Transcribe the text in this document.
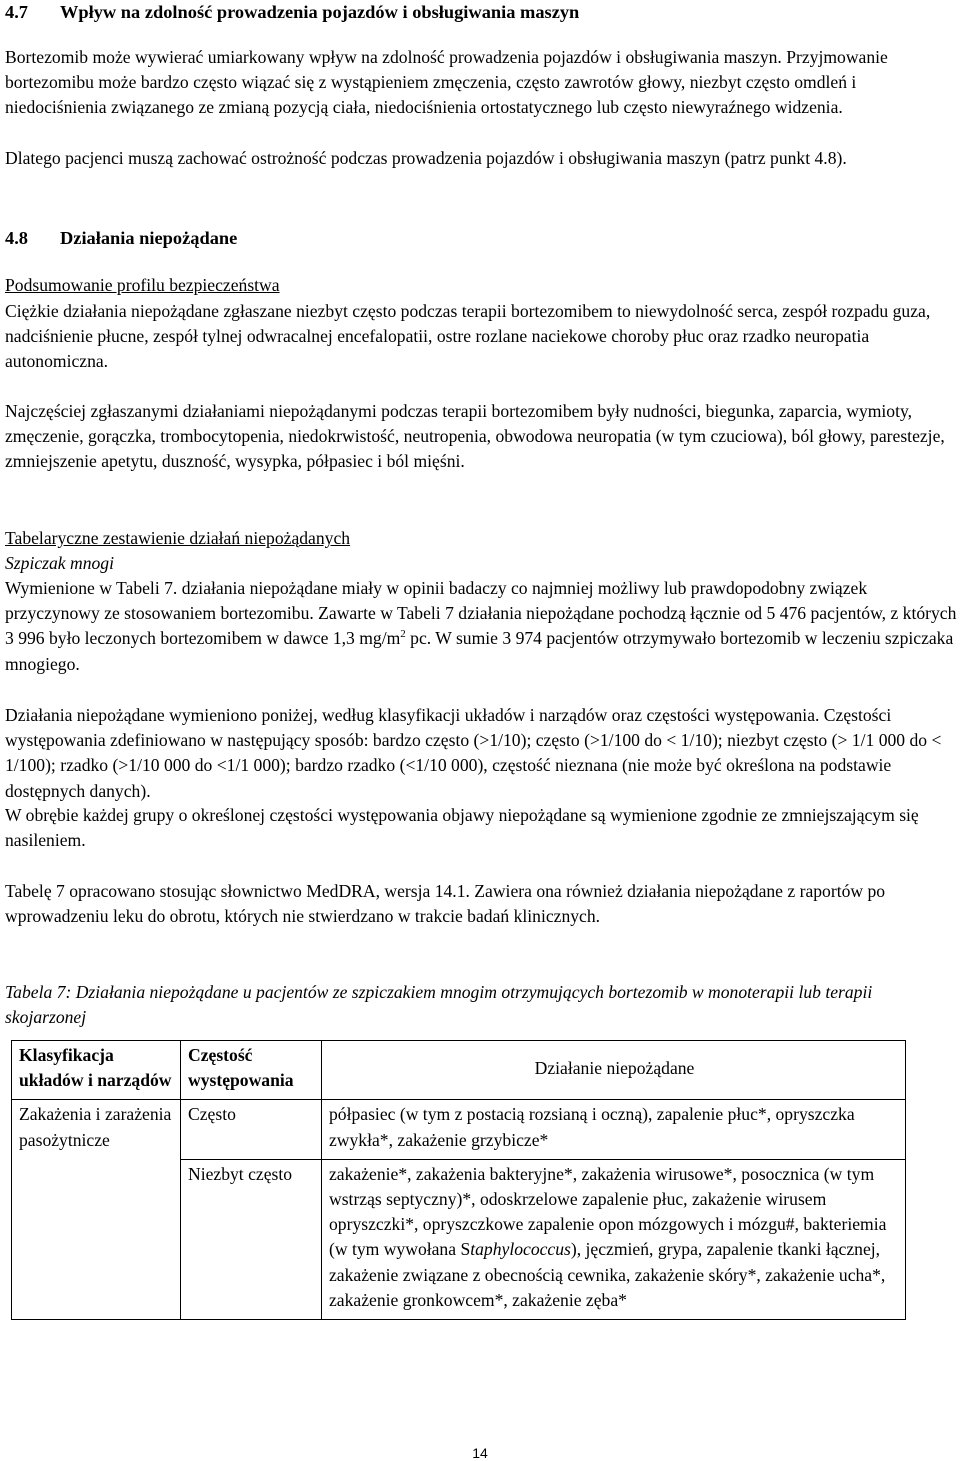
4.7 Wpływ na zdolność prowadzenia pojazdów i obsługiwania maszyn

Bortezomib może wywierać umiarkowany wpływ na zdolność prowadzenia pojazdów i obsługiwania maszyn. Przyjmowanie bortezomibu może bardzo często wiązać się z wystąpieniem zmęczenia, często zawrotów głowy, niezbyt często omdleń i niedociśnienia związanego ze zmianą pozycją ciała, niedociśnienia ortostatycznego lub często niewyraźnego widzenia.

Dlatego pacjenci muszą zachować ostrożność podczas prowadzenia pojazdów i obsługiwania maszyn (patrz punkt 4.8).

4.8 Działania niepożądane

Podsumowanie profilu bezpieczeństwa

Ciężkie działania niepożądane zgłaszane niezbyt często podczas terapii bortezomibem to niewydolność serca, zespół rozpadu guza, nadciśnienie płucne, zespół tylnej odwracalnej encefalopatii, ostre rozlane naciekowe choroby płuc oraz rzadko neuropatia autonomiczna.

Najczęściej zgłaszanymi działaniami niepożądanymi podczas terapii bortezomibem były nudności, biegunka, zaparcia, wymioty, zmęczenie, gorączka, trombocytopenia, niedokrwistość, neutropenia, obwodowa neuropatia (w tym czuciowa), ból głowy, parestezje, zmniejszenie apetytu, duszność, wysypka, półpasiec i ból mięśni.

Tabelaryczne zestawienie działań niepożądanych

Szpiczak mnogi

Wymienione w Tabeli 7. działania niepożądane miały w opinii badaczy co najmniej możliwy lub prawdopodobny związek przyczynowy ze stosowaniem bortezomibu. Zawarte w Tabeli 7 działania niepożądane pochodzą łącznie od 5 476 pacjentów, z których 3 996 było leczonych bortezomibem w dawce 1,3 $mg/m^2$ pc. W sumie 3 974 pacjentów otrzymywało bortezomib w leczeniu szpiczaka mnogiego.

Działania niepożądane wymieniono poniżej, według klasyfikacji układów i narządów oraz częstości występowania. Częstości występowania zdefiniowano w następujący sposób: bardzo często (>1/10); często (>1/100 do < 1/10); niezbyt często (> 1/1 000 do < 1/100); rzadko (>1/10 000 do <1/1 000); bardzo rzadko (<1/10 000), częstość nieznana (nie może być określona na podstawie dostępnych danych).

W obrębie każdej grupy o określonej częstości występowania objawy niepożądane są wymienione zgodnie ze zmniejszającym się nasileniem.

Tabelę 7 opracowano stosując słownictwo MedDRA, wersja 14.1. Zawiera ona również działania niepożądane z raportów po wprowadzeniu leku do obrotu, których nie stwierdzano w trakcie badań klinicznych.

Tabela 7: Działania niepożądane u pacjentów ze szpiczakiem mnogim otrzymujących bortezomib w monoterapii lub terapii skojarzonej

Klasyfikacja układów i narządów	Częstość występowania	Działanie niepożądane
Zakażenia i zarażenia pasożytnicze	Często	półpasiec (w tym z postacią rozsianą i oczną), zapalenie płuc*, opryszczka zwykła*, zakażenie grzybicze*
	Niezbyt często	zakażenie*, zakażenia bakteryjne*, zakażenia wirusowe*, posocznica (w tym wstrząs septyczny)*, odoskrzelowe zapalenie płuc, zakażenie wirusem opryszczki*, opryszczkowe zapalenie opon mózgowych i mózgu#, bakteriemia (w tym wywołana Staphylococcus), jęczmień, grypa, zapalenie tkanki łącznej, zakażenie związane z obecnością cewnika, zakażenie skóry*, zakażenie ucha*, zakażenie gronkowcem*, zakażenie zęba*
14
